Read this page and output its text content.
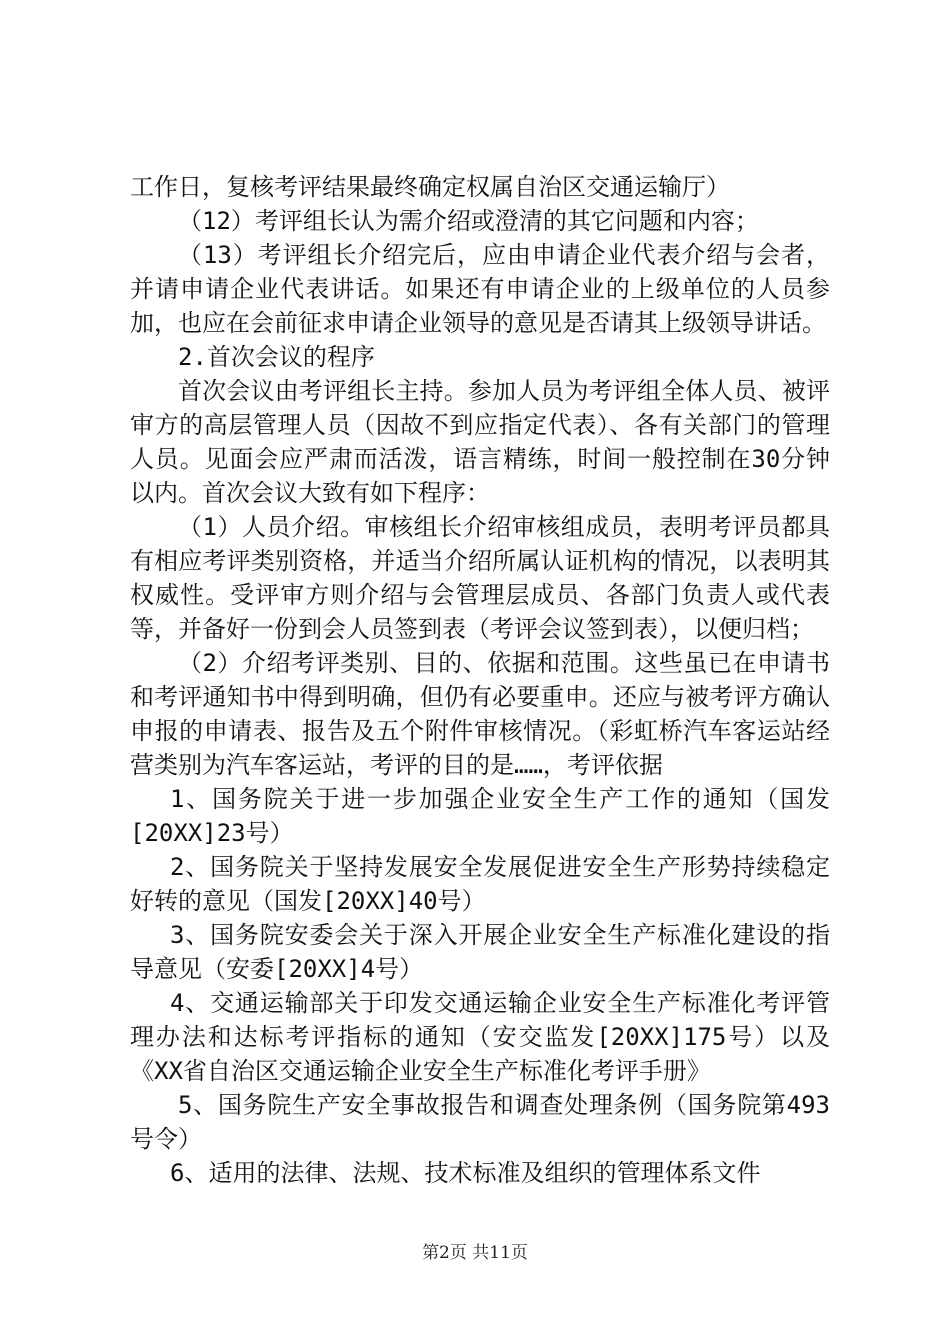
工作日，复核考评结果最终确定权属自治区交通运输厅）

（12）考评组长认为需介绍或澄清的其它问题和内容；

（13）考评组长介绍完后，应由申请企业代表介绍与会者，并请申请企业代表讲话。如果还有申请企业的上级单位的人员参加，也应在会前征求申请企业领导的意见是否请其上级领导讲话。

2.首次会议的程序

首次会议由考评组长主持。参加人员为考评组全体人员、被评审方的高层管理人员（因故不到应指定代表）、各有关部门的管理人员。见面会应严肃而活泼，语言精练，时间一般控制在30分钟以内。首次会议大致有如下程序：

（1）人员介绍。审核组长介绍审核组成员，表明考评员都具有相应考评类别资格，并适当介绍所属认证机构的情况，以表明其权威性。受评审方则介绍与会管理层成员、各部门负责人或代表等，并备好一份到会人员签到表（考评会议签到表），以便归档；

（2）介绍考评类别、目的、依据和范围。这些虽已在申请书和考评通知书中得到明确，但仍有必要重申。还应与被考评方确认申报的申请表、报告及五个附件审核情况。（彩虹桥汽车客运站经营类别为汽车客运站，考评的目的是……，考评依据

1、国务院关于进一步加强企业安全生产工作的通知（国发[20XX]23号）

2、国务院关于坚持发展安全发展促进安全生产形势持续稳定好转的意见（国发[20XX]40号）

3、国务院安委会关于深入开展企业安全生产标准化建设的指导意见（安委[20XX]4号）

4、交通运输部关于印发交通运输企业安全生产标准化考评管理办法和达标考评指标的通知（安交监发[20XX]175号）以及《XX省自治区交通运输企业安全生产标准化考评手册》

5、国务院生产安全事故报告和调查处理条例（国务院第493号令）

6、适用的法律、法规、技术标准及组织的管理体系文件

第2页 共11页
